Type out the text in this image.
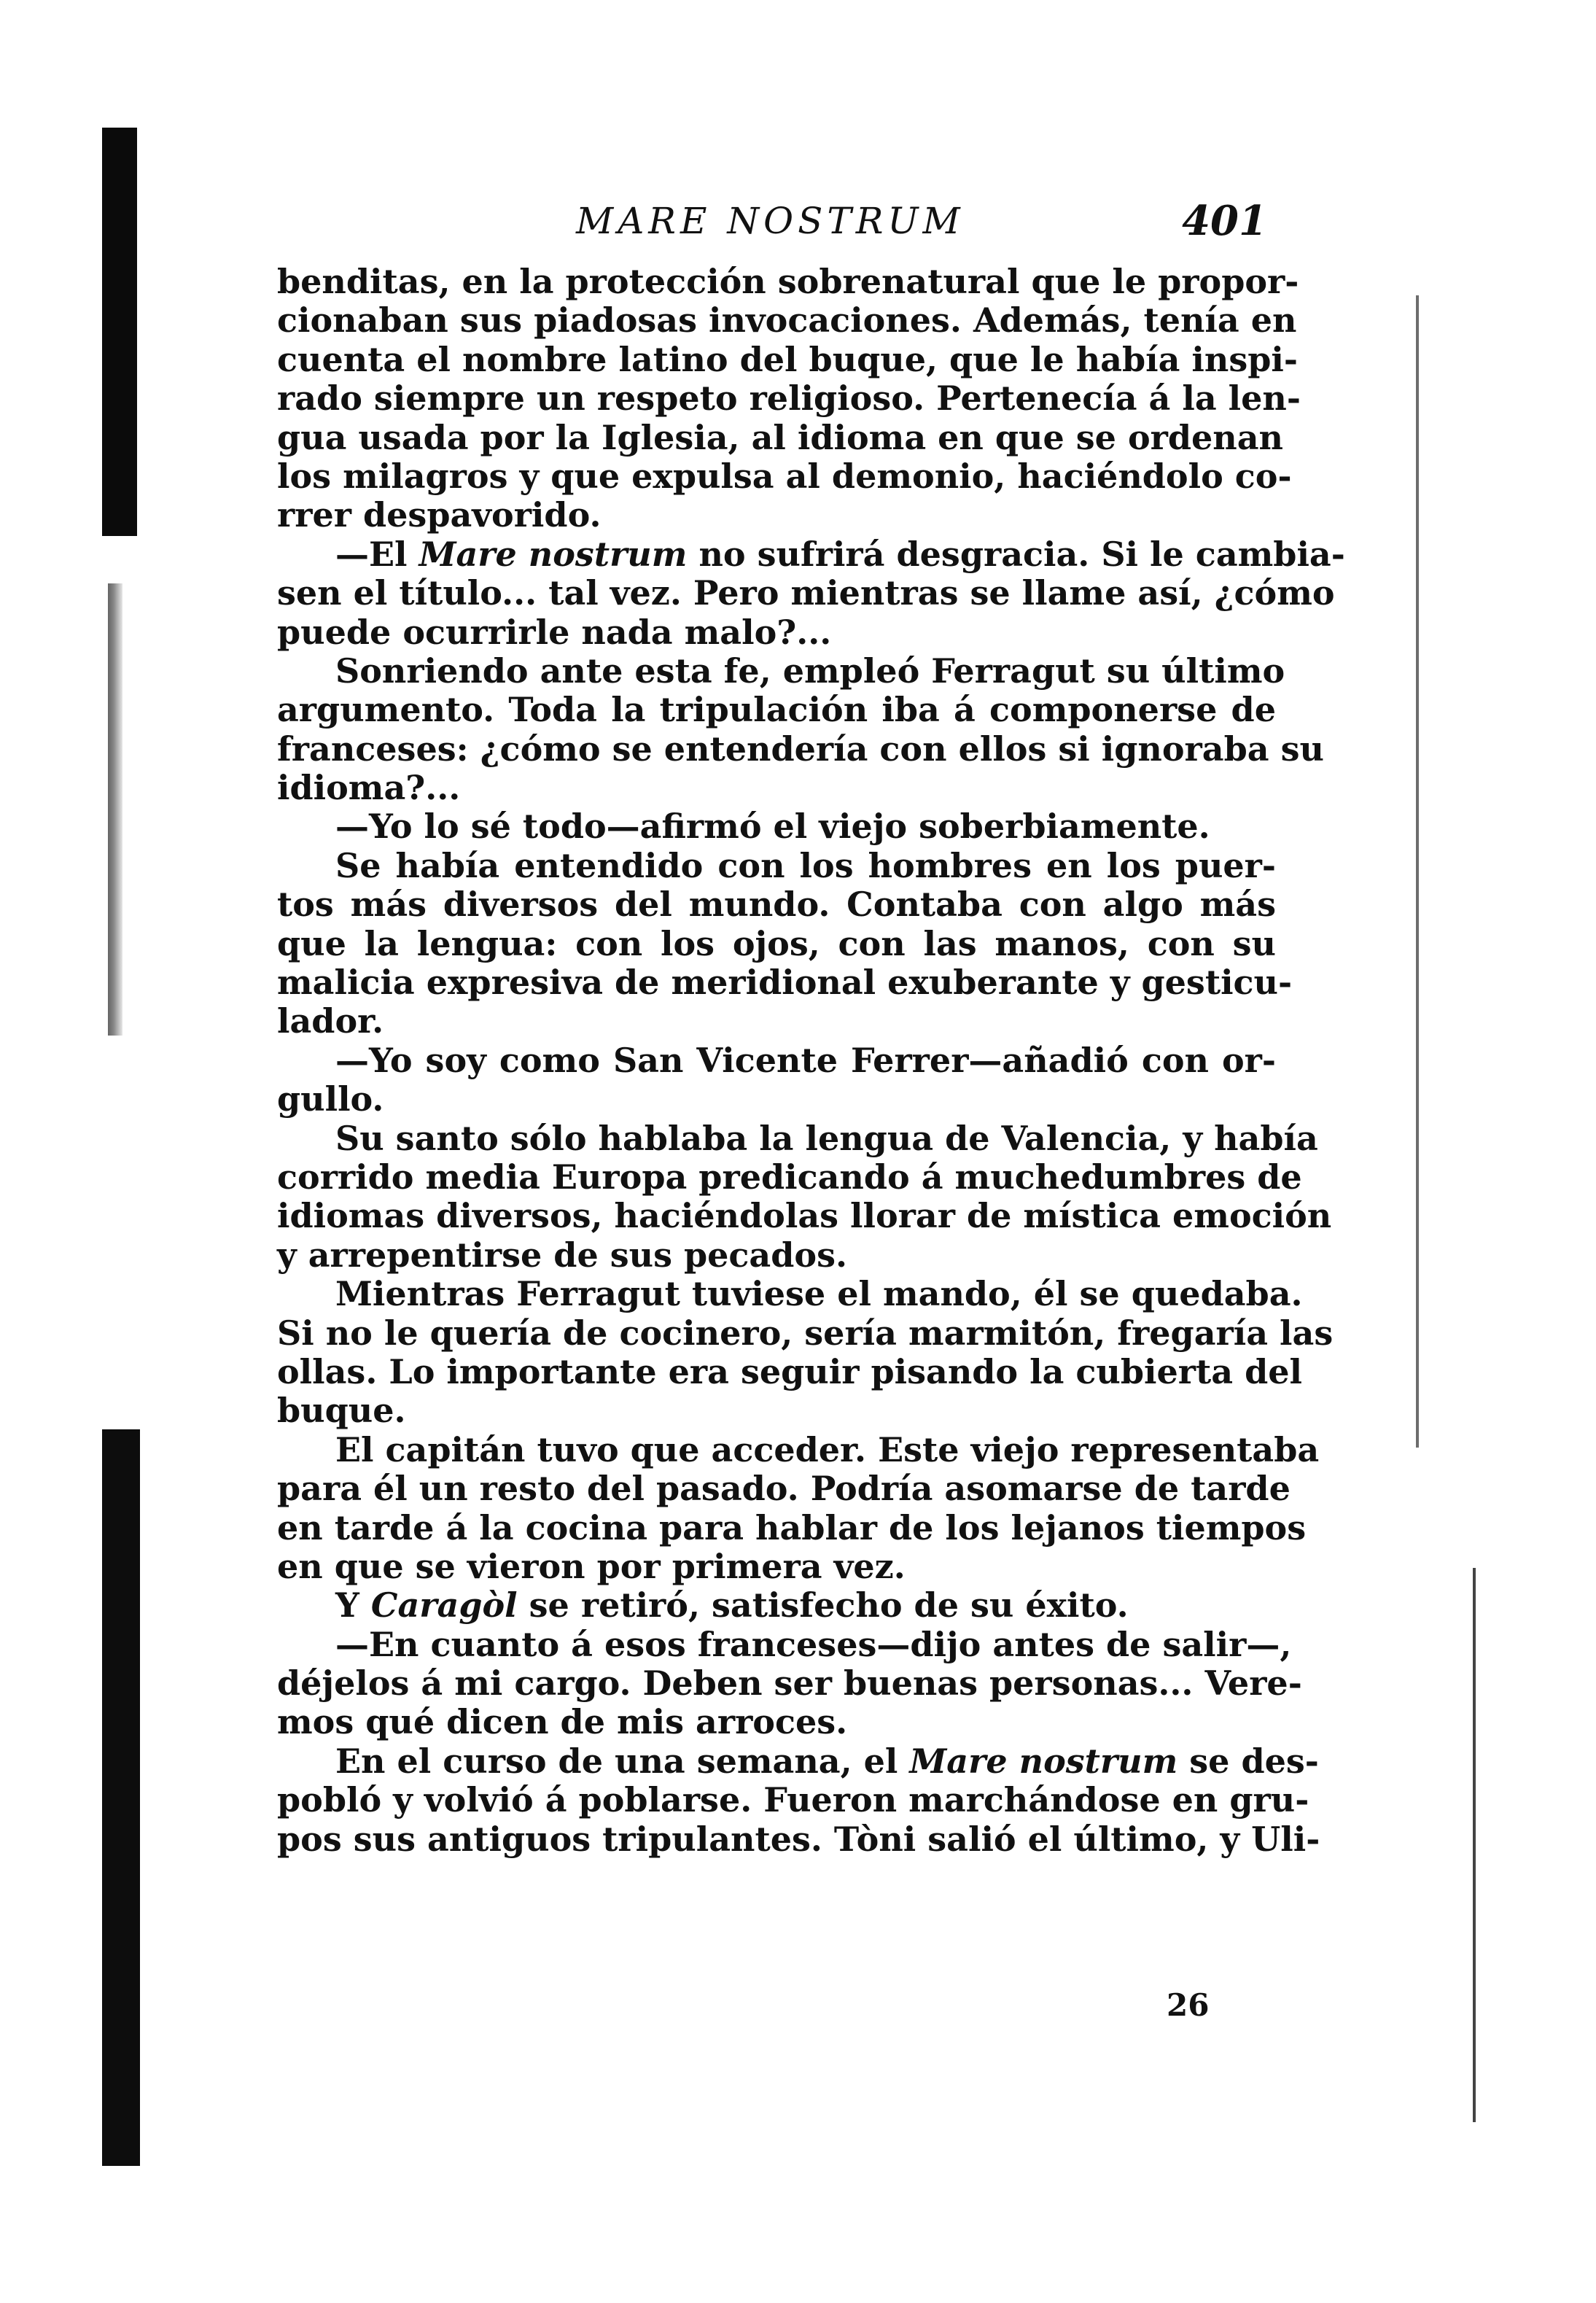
MARE NOSTRUM	401
benditas, en la protección sobrenatural que le propor-
cionaban sus piadosas invocaciones. Además, tenía en
cuenta el nombre latino del buque, que le había inspi-
rado siempre un respeto religioso. Pertenecía á la len-
gua usada por la Iglesia, al idioma en que se ordenan
los milagros y que expulsa al demonio, haciéndolo co-
rrer despavorido.
—El Mare nostrum no sufrirá desgracia. Si le cambia-
sen el título... tal vez. Pero mientras se llame así, ¿cómo
puede ocurrirle nada malo?...
Sonriendo ante esta fe, empleó Ferragut su último
argumento. Toda la tripulación iba á componerse de
franceses: ¿cómo se entendería con ellos si ignoraba su
idioma?...
—Yo lo sé todo—afirmó el viejo soberbiamente.
Se había entendido con los hombres en los puer-
tos más diversos del mundo. Contaba con algo más
que la lengua: con los ojos, con las manos, con su
malicia expresiva de meridional exuberante y gesticu-
lador.
—Yo soy como San Vicente Ferrer—añadió con or-
gullo.
Su santo sólo hablaba la lengua de Valencia, y había
corrido media Europa predicando á muchedumbres de
idiomas diversos, haciéndolas llorar de mística emoción
y arrepentirse de sus pecados.
Mientras Ferragut tuviese el mando, él se quedaba.
Si no le quería de cocinero, sería marmitón, fregaría las
ollas. Lo importante era seguir pisando la cubierta del
buque.
El capitán tuvo que acceder. Este viejo representaba
para él un resto del pasado. Podría asomarse de tarde
en tarde á la cocina para hablar de los lejanos tiempos
en que se vieron por primera vez.
Y Caragòl se retiró, satisfecho de su éxito.
—En cuanto á esos franceses—dijo antes de salir—,
déjelos á mi cargo. Deben ser buenas personas... Vere-
mos qué dicen de mis arroces.
En el curso de una semana, el Mare nostrum se des-
pobló y volvió á poblarse. Fueron marchándose en gru-
pos sus antiguos tripulantes. Tòni salió el último, y Uli-
26
